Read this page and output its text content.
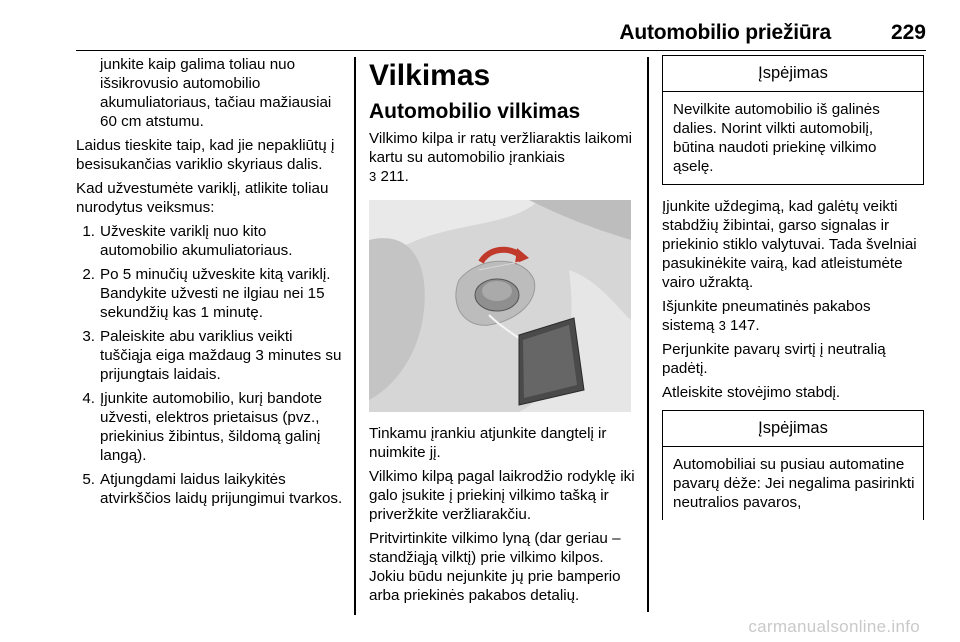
Automobilio priežiūra	229

junkite kaip galima toliau nuo išsikrovusio automobilio akumuliatoriaus, tačiau mažiausiai 60 cm atstumu.

Laidus tieskite taip, kad jie nepakliūtų į besisukančias variklio skyriaus dalis.

Kad užvestumėte variklį, atlikite toliau nurodytus veiksmus:

1. Užveskite variklį nuo kito automobilio akumuliatoriaus.
2. Po 5 minučių užveskite kitą variklį. Bandykite užvesti ne ilgiau nei 15 sekundžių kas 1 minutę.
3. Paleiskite abu variklius veikti tuščiąja eiga maždaug 3 minutes su prijungtais laidais.
4. Įjunkite automobilio, kurį bandote užvesti, elektros prietaisus (pvz., priekinius žibintus, šildomą galinį langą).
5. Atjungdami laidus laikykitės atvirkščios laidų prijungimui tvarkos.
Vilkimas
Automobilio vilkimas

Vilkimo kilpa ir ratų veržliaraktis laikomi kartu su automobilio įrankiais
3 211.

Tinkamu įrankiu atjunkite dangtelį ir nuimkite jį.

Vilkimo kilpą pagal laikrodžio rodyklę iki galo įsukite į priekinį vilkimo tašką ir priveržkite veržliarakčiu.

Pritvirtinkite vilkimo lyną (dar geriau – standžiąją vilktį) prie vilkimo kilpos. Jokiu būdu nejunkite jų prie bamperio arba priekinės pakabos detalių.

Įspėjimas
Nevilkite automobilio iš galinės dalies. Norint vilkti automobilį, būtina naudoti priekinę vilkimo ąselę.

Įjunkite uždegimą, kad galėtų veikti stabdžių žibintai, garso signalas ir priekinio stiklo valytuvai. Tada švelniai pasukinėkite vairą, kad atleistumėte vairo užraktą.

Išjunkite pneumatinės pakabos sistemą 3 147.

Perjunkite pavarų svirtį į neutralią padėtį.

Atleiskite stovėjimo stabdį.

Įspėjimas
Automobiliai su pusiau automatine pavarų dėže: Jei negalima pasirinkti neutralios pavaros,
carmanualsonline.info
